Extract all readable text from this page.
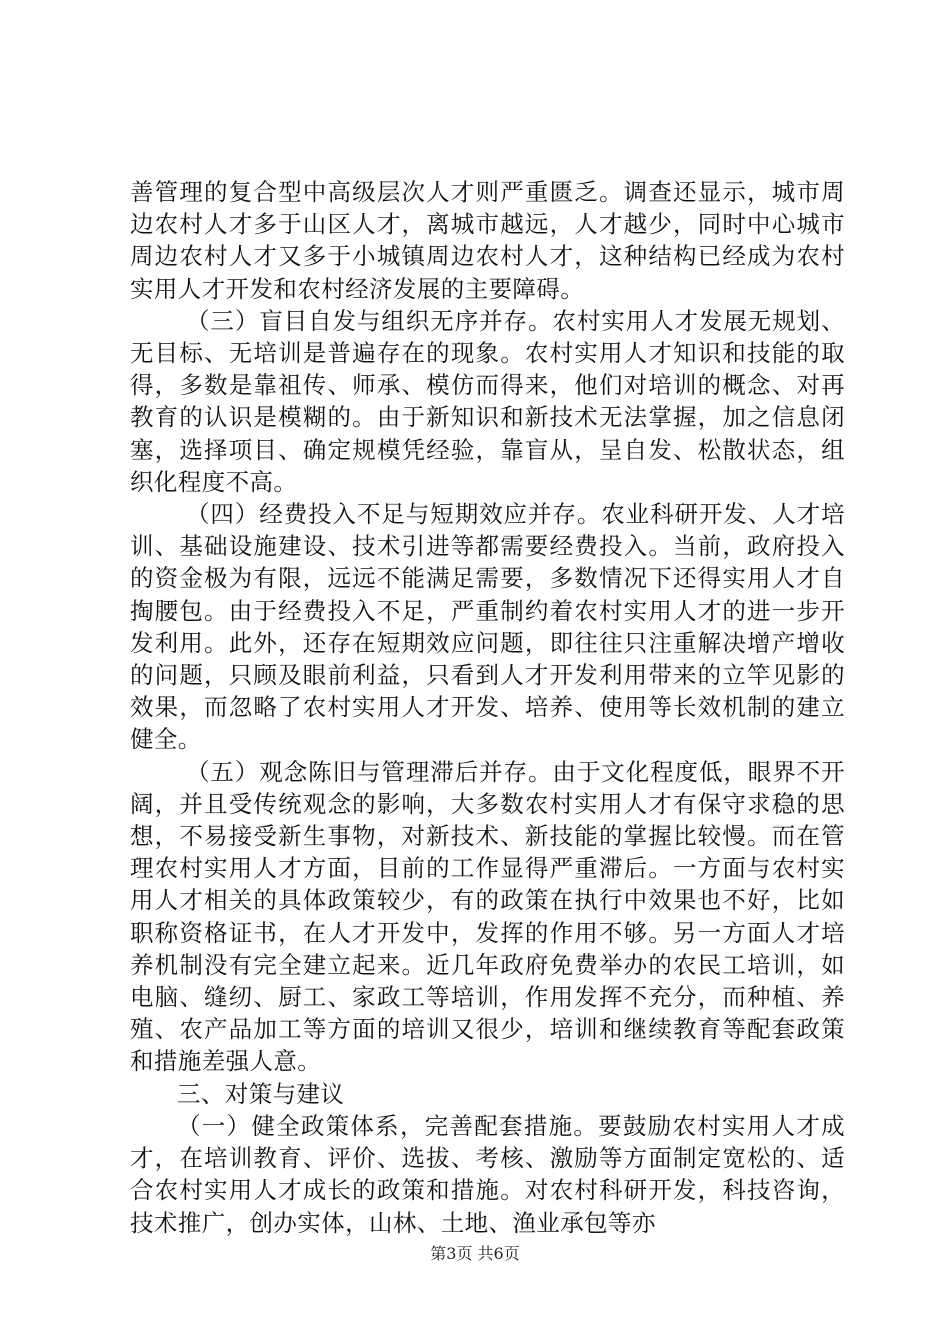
善管理的复合型中高级层次人才则严重匮乏。调查还显示，城市周边农村人才多于山区人才，离城市越远，人才越少，同时中心城市周边农村人才又多于小城镇周边农村人才，这种结构已经成为农村实用人才开发和农村经济发展的主要障碍。

（三）盲目自发与组织无序并存。农村实用人才发展无规划、无目标、无培训是普遍存在的现象。农村实用人才知识和技能的取得，多数是靠祖传、师承、模仿而得来，他们对培训的概念、对再教育的认识是模糊的。由于新知识和新技术无法掌握，加之信息闭塞，选择项目、确定规模凭经验，靠盲从，呈自发、松散状态，组织化程度不高。

（四）经费投入不足与短期效应并存。农业科研开发、人才培训、基础设施建设、技术引进等都需要经费投入。当前，政府投入的资金极为有限，远远不能满足需要，多数情况下还得实用人才自掏腰包。由于经费投入不足，严重制约着农村实用人才的进一步开发利用。此外，还存在短期效应问题，即往往只注重解决增产增收的问题，只顾及眼前利益，只看到人才开发利用带来的立竿见影的效果，而忽略了农村实用人才开发、培养、使用等长效机制的建立健全。

（五）观念陈旧与管理滞后并存。由于文化程度低，眼界不开阔，并且受传统观念的影响，大多数农村实用人才有保守求稳的思想，不易接受新生事物，对新技术、新技能的掌握比较慢。而在管理农村实用人才方面，目前的工作显得严重滞后。一方面与农村实用人才相关的具体政策较少，有的政策在执行中效果也不好，比如职称资格证书，在人才开发中，发挥的作用不够。另一方面人才培养机制没有完全建立起来。近几年政府免费举办的农民工培训，如电脑、缝纫、厨工、家政工等培训，作用发挥不充分，而种植、养殖、农产品加工等方面的培训又很少，培训和继续教育等配套政策和措施差强人意。

三、对策与建议

（一）健全政策体系，完善配套措施。要鼓励农村实用人才成才，在培训教育、评价、选拔、考核、激励等方面制定宽松的、适合农村实用人才成长的政策和措施。对农村科研开发，科技咨询，技术推广，创办实体，山林、土地、渔业承包等亦

第3页 共6页
